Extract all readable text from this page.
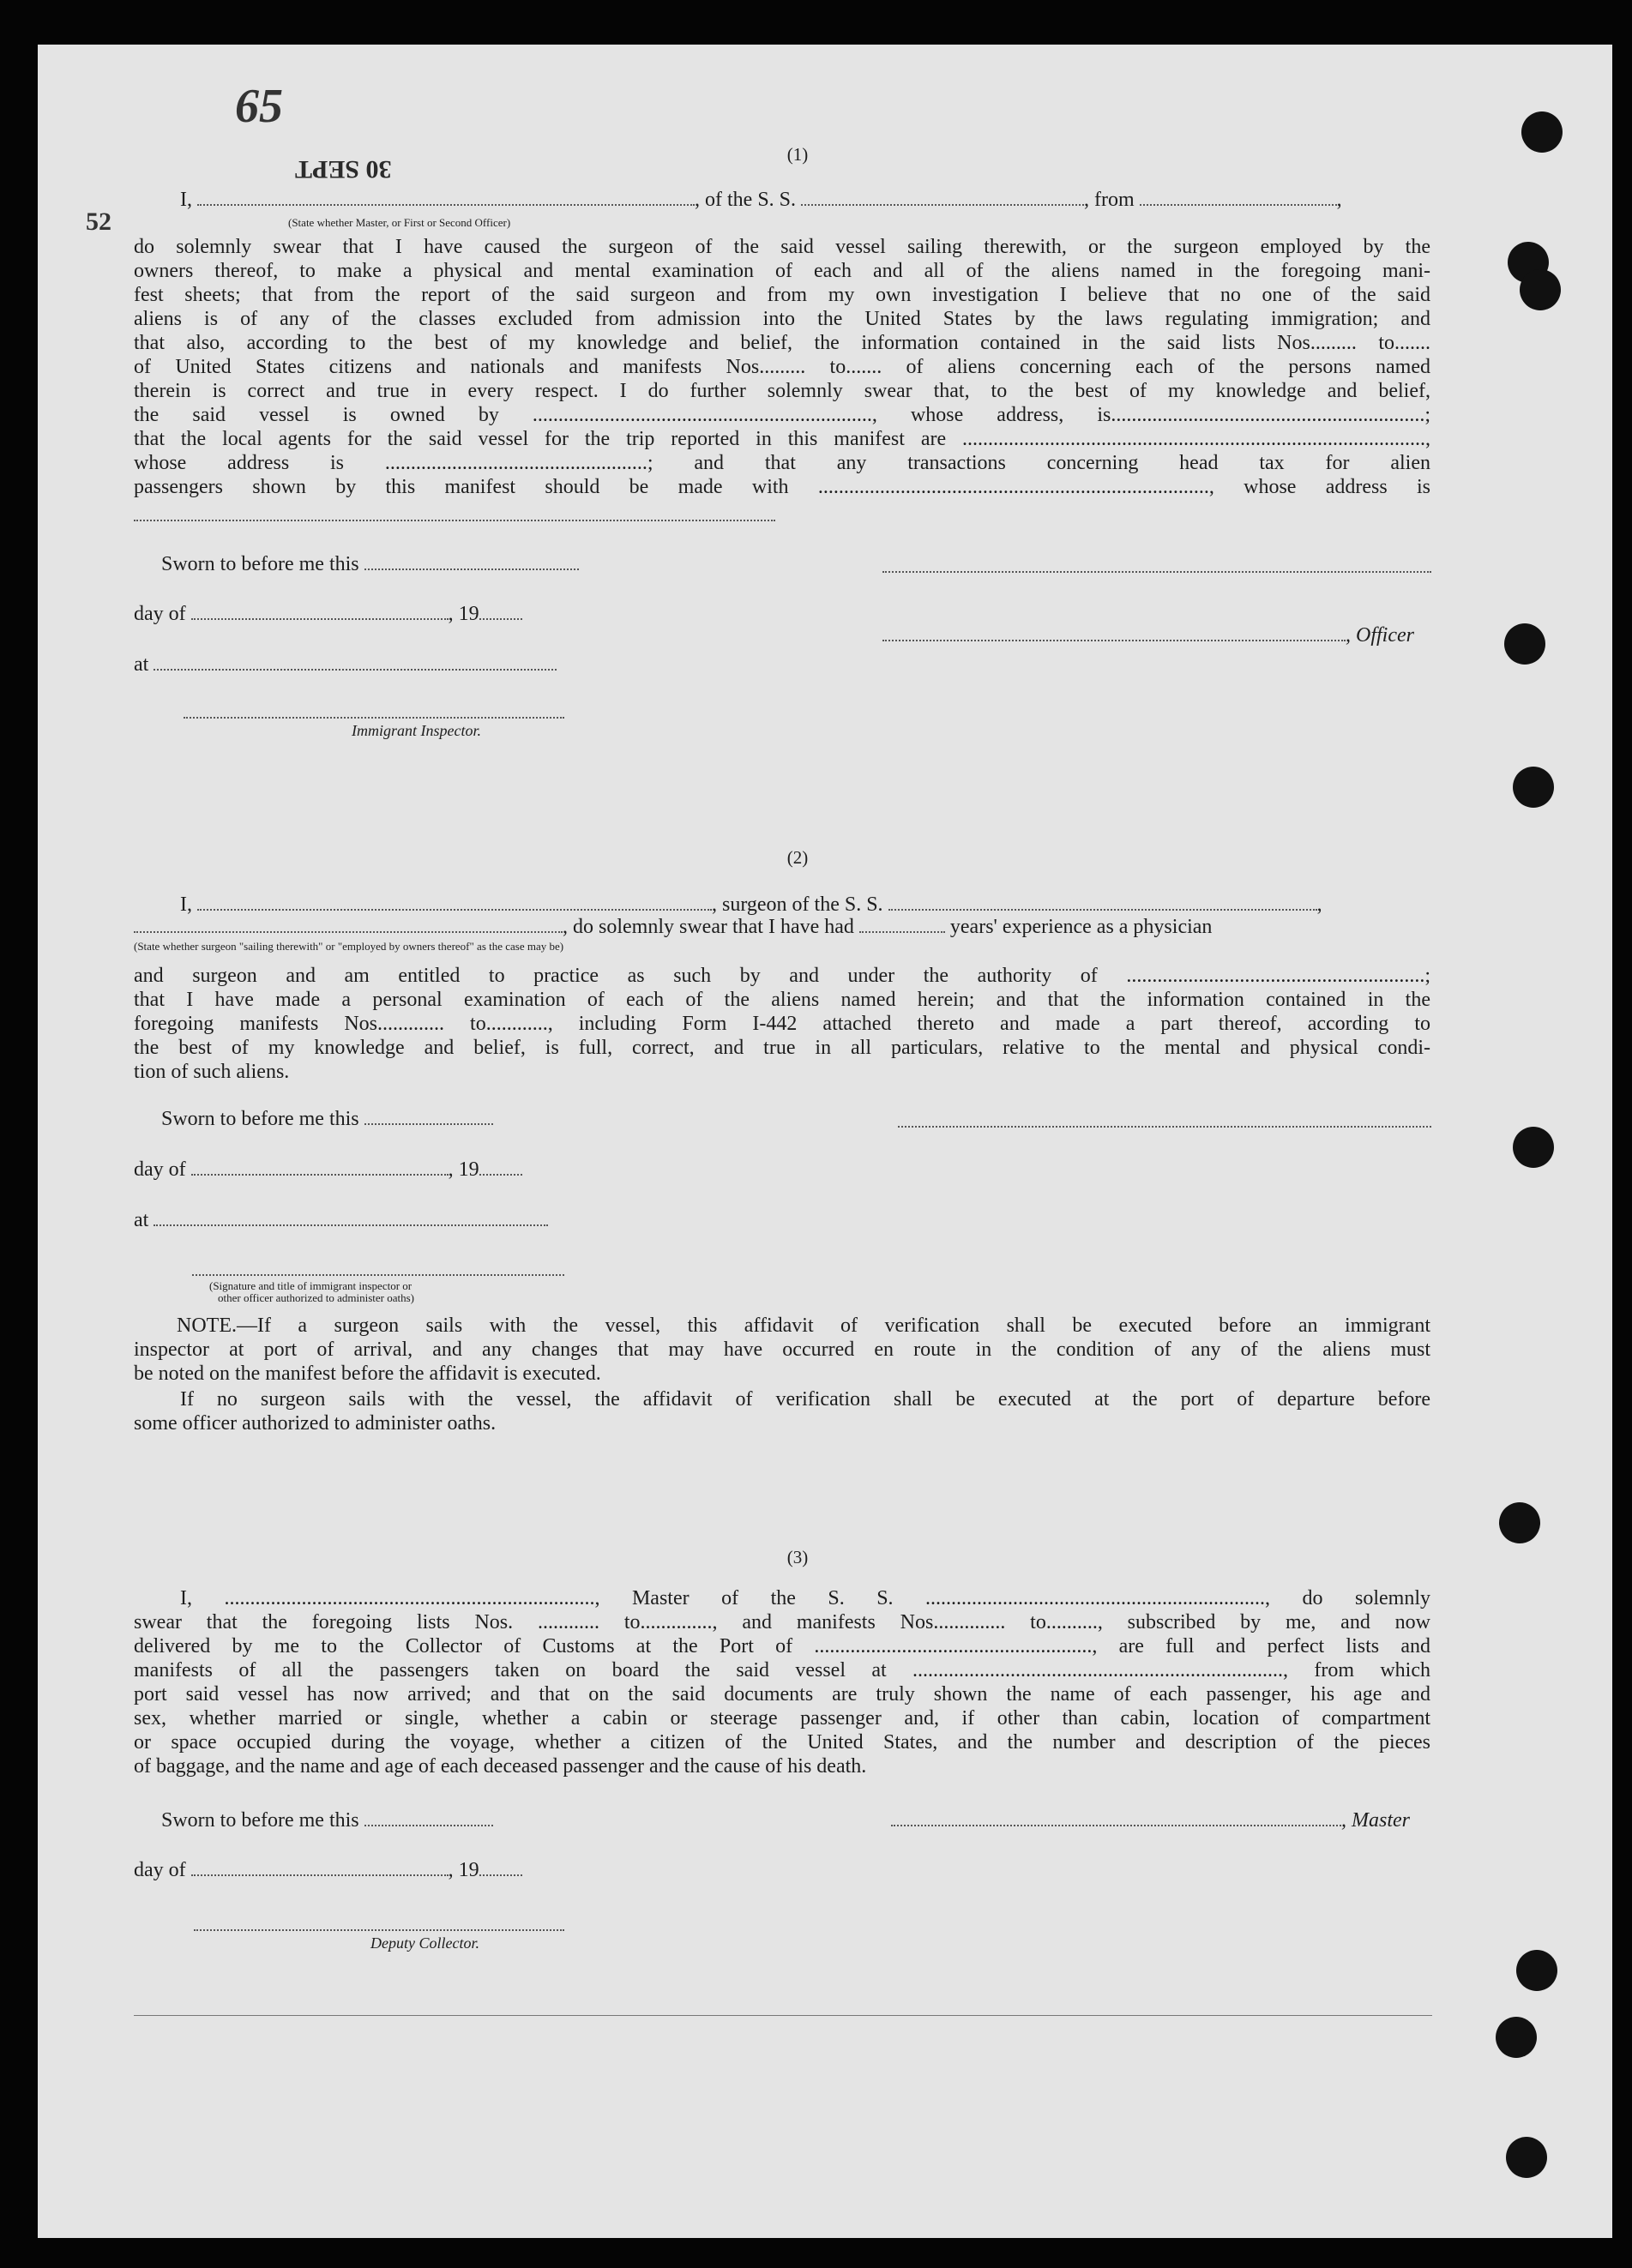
65
52
30 SEPT
(1)
I,	, of the S. S.	, from	,
(State whether Master, or First or Second Officer)
do solemnly swear that I have caused the surgeon of the said vessel sailing therewith, or the surgeon employed by the
owners thereof, to make a physical and mental examination of each and all of the aliens named in the foregoing mani-
fest sheets; that from the report of the said surgeon and from my own investigation I believe that no one of the said
aliens is of any of the classes excluded from admission into the United States by the laws regulating immigration; and
that also, according to the best of my knowledge and belief, the information contained in the said lists Nos......... to.......
of United States citizens and nationals and manifests Nos......... to....... of aliens concerning each of the persons named
therein is correct and true in every respect. I do further solemnly swear that, to the best of my knowledge and belief,
the said vessel is owned by .................................................................., whose address, is.............................................................;
that the local agents for the said vessel for the trip reported in this manifest are ..........................................................................................,
whose address is ...................................................; and that any transactions concerning head tax for alien
passengers shown by this manifest should be made with ............................................................................, whose address is
Sworn to before me this
day of	, 19
, Officer
at
Immigrant Inspector.
(2)
I,	, surgeon of the S. S.	,
, do solemnly swear that I have had	years' experience as a physician
(State whether surgeon "sailing therewith" or "employed by owners thereof" as the case may be)
and surgeon and am entitled to practice as such by and under the authority of ..........................................................;
that I have made a personal examination of each of the aliens named herein; and that the information contained in the
foregoing manifests Nos............. to............, including Form I-442 attached thereto and made a part thereof, according to
the best of my knowledge and belief, is full, correct, and true in all particulars, relative to the mental and physical condi-
tion of such aliens.
Sworn to before me this
day of	, 19
at
(Signature and title of immigrant inspector or
other officer authorized to administer oaths)
NOTE.—If a surgeon sails with the vessel, this affidavit of verification shall be executed before an immigrant
inspector at port of arrival, and any changes that may have occurred en route in the condition of any of the aliens must
be noted on the manifest before the affidavit is executed.
If no surgeon sails with the vessel, the affidavit of verification shall be executed at the port of departure before
some officer authorized to administer oaths.
(3)
I, ........................................................................, Master of the S. S. .................................................................., do solemnly
swear that the foregoing lists Nos. ............ to.............., and manifests Nos.............. to.........., subscribed by me, and now
delivered by me to the Collector of Customs at the Port of ......................................................, are full and perfect lists and
manifests of all the passengers taken on board the said vessel at ........................................................................, from which
port said vessel has now arrived; and that on the said documents are truly shown the name of each passenger, his age and
sex, whether married or single, whether a cabin or steerage passenger and, if other than cabin, location of compartment
or space occupied during the voyage, whether a citizen of the United States, and the number and description of the pieces
of baggage, and the name and age of each deceased passenger and the cause of his death.
Sworn to before me this	, Master
day of	, 19
Deputy Collector.
